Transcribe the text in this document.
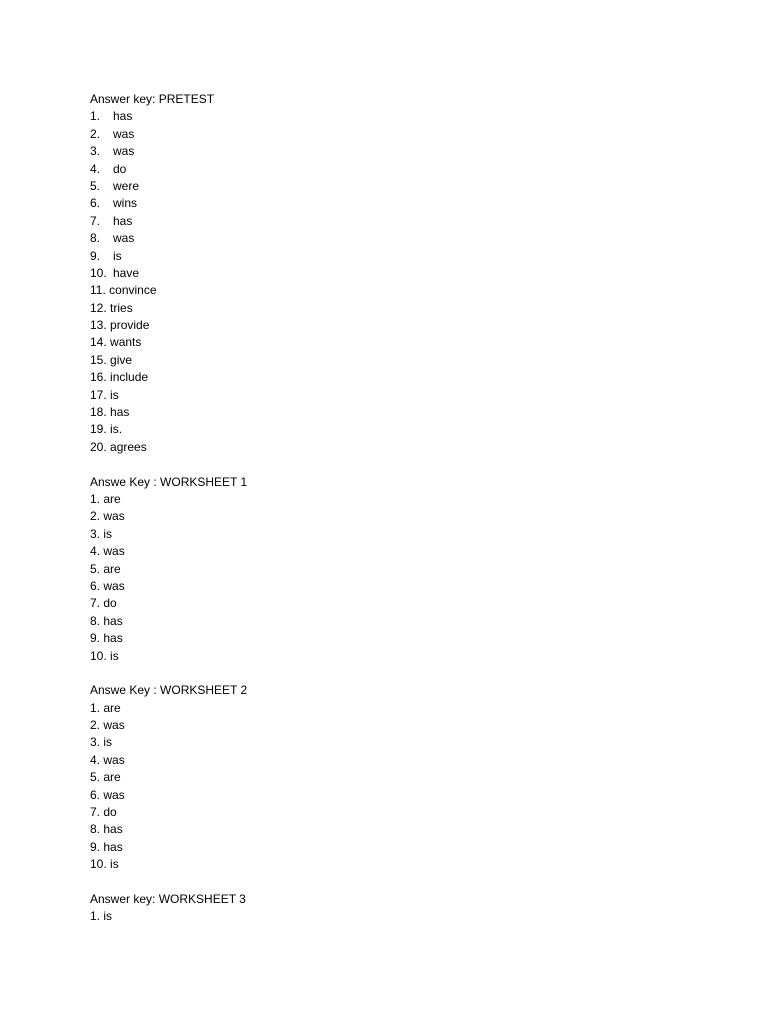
Answer key: PRETEST
1. has
2. was
3. was
4. do
5. were
6. wins
7. has
8. was
9. is
10. have
11. convince
12. tries
13. provide
14. wants
15. give
16. include
17. is
18. has
19. is.
20. agrees
Answe Key : WORKSHEET 1
1. are
2. was
3. is
4. was
5. are
6. was
7. do
8. has
9. has
10. is
Answe Key : WORKSHEET 2
1. are
2. was
3. is
4. was
5. are
6. was
7. do
8. has
9. has
10. is
Answer key: WORKSHEET 3
1. is
